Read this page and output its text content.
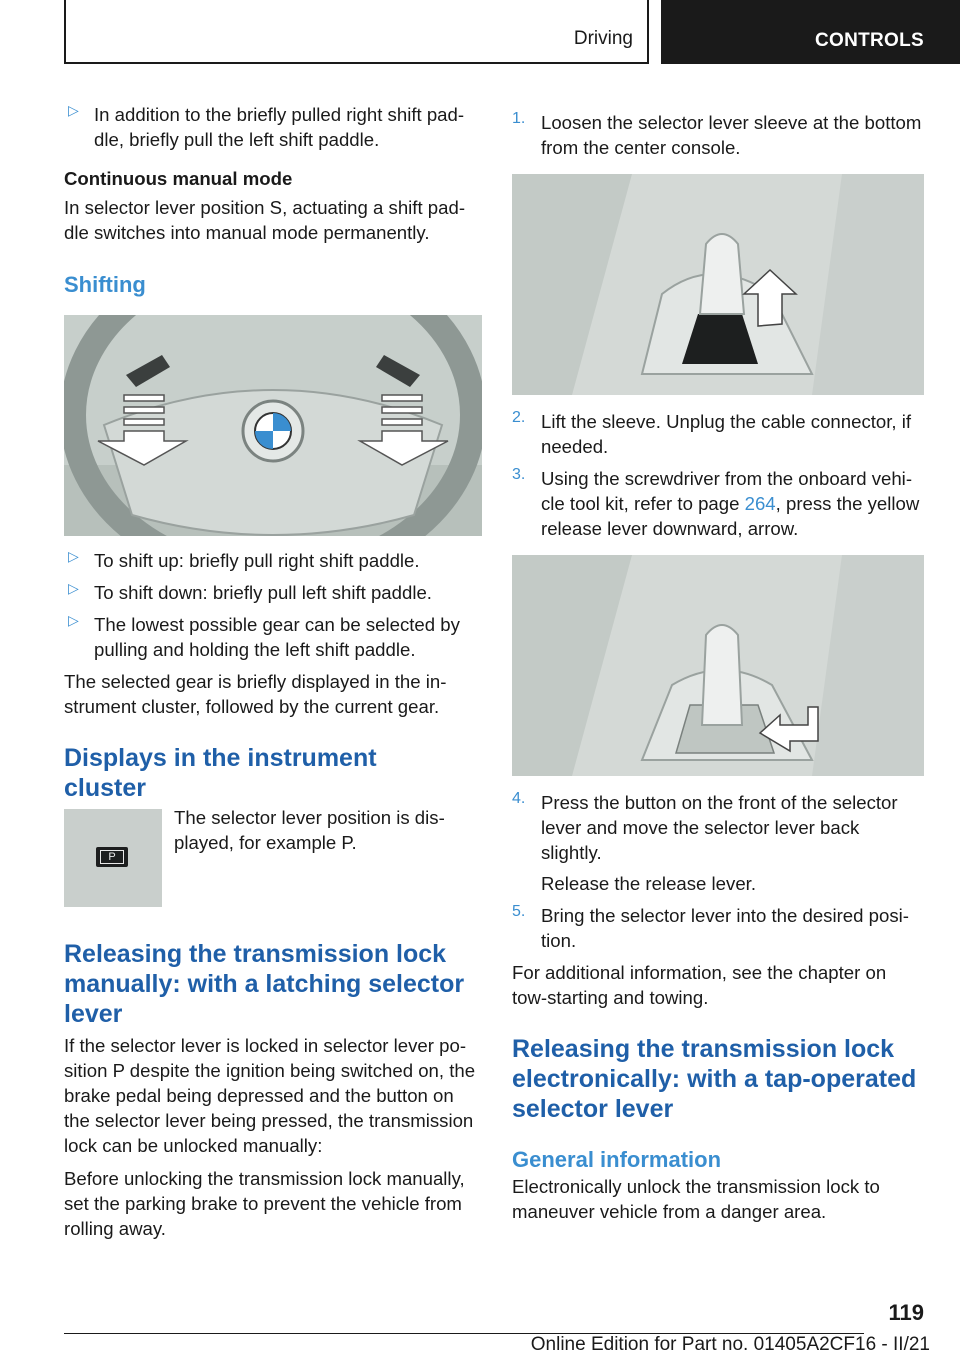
Driving	CONTROLS
▷ In addition to the briefly pulled right shift paddle, briefly pull the left shift paddle.

Continuous manual mode

In selector lever position S, actuating a shift paddle switches into manual mode permanently.

Shifting
▷ To shift up: briefly pull right shift paddle.

▷ To shift down: briefly pull left shift paddle.

▷ The lowest possible gear can be selected by pulling and holding the left shift paddle.

The selected gear is briefly displayed in the instrument cluster, followed by the current gear.

Displays in the instrument cluster
P

The selector lever position is displayed, for example P.

Releasing the transmission lock manually: with a latching selector lever

If the selector lever is locked in selector lever position P despite the ignition being switched on, the brake pedal being depressed and the button on the selector lever being pressed, the transmission lock can be unlocked manually:

Before unlocking the transmission lock manually, set the parking brake to prevent the vehicle from rolling away.

1. Loosen the selector lever sleeve at the bottom from the center console.

2. Lift the sleeve. Unplug the cable connector, if needed.

3. Using the screwdriver from the onboard vehicle tool kit, refer to page 264, press the yellow release lever downward, arrow.

4. Press the button on the front of the selector lever and move the selector lever back slightly.

Release the release lever.

5. Bring the selector lever into the desired position.

For additional information, see the chapter on tow-starting and towing.

Releasing the transmission lock electronically: with a tap-operated selector lever
General information

Electronically unlock the transmission lock to maneuver vehicle from a danger area.

119
Online Edition for Part no. 01405A2CF16 - II/21
